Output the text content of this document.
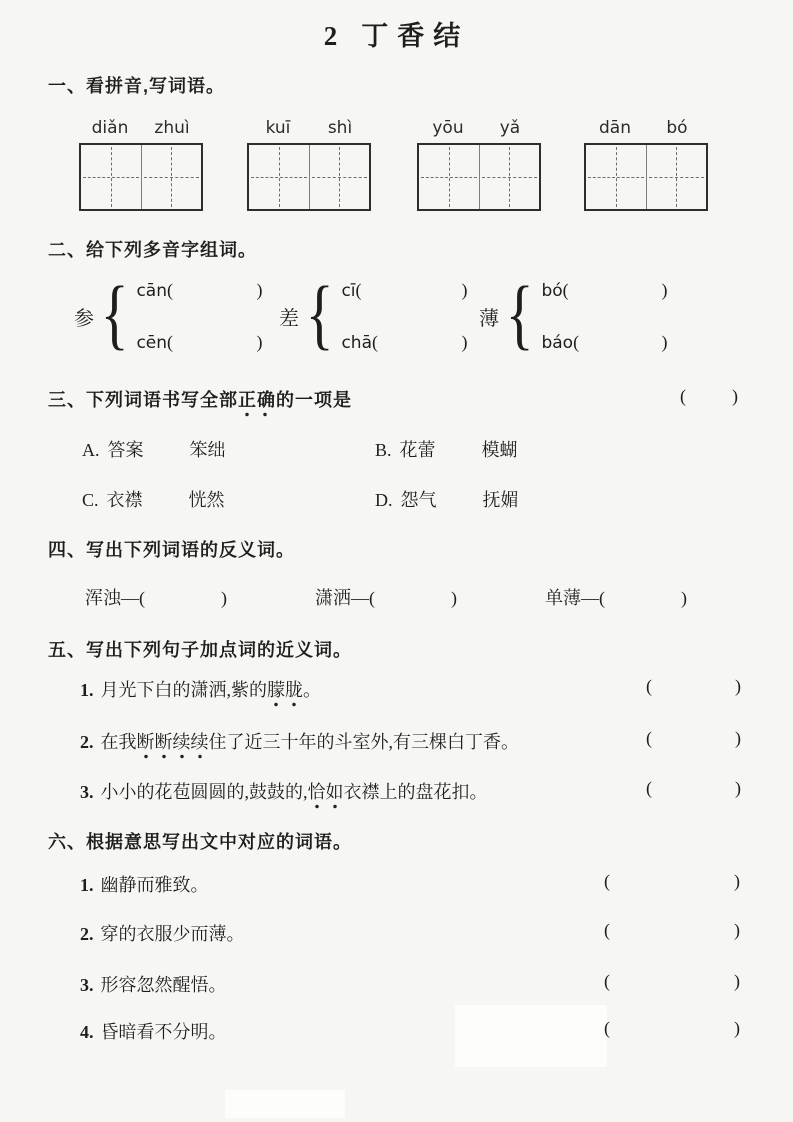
2 丁香结
一、看拼音,写词语。
diǎn	zhuì	kuī	shì	yōu	yǎ	dān	bó
二、给下列多音字组词。
参 { cān (	)
cēn (	)
差 { cī (	)
chā (	)
薄 { bó (	)
báo (	)
三、下列词语书写全部正确的一项是	(	)
A. 答案	笨绌	B. 花蕾	模蝴
C. 衣襟	恍然	D. 怨气	抚媚
四、写出下列词语的反义词。
浑浊 — (	)	潇洒 — (	)	单薄 — (	)
五、写出下列句子加点词的近义词。
1. 月光下白的潇洒,紫的朦胧。	(	)
2. 在我断断续续住了近三十年的斗室外,有三棵白丁香。	(	)
3. 小小的花苞圆圆的,鼓鼓的,恰如衣襟上的盘花扣。	(	)
六、根据意思写出文中对应的词语。
1. 幽静而雅致。	(	)
2. 穿的衣服少而薄。	(	)
3. 形容忽然醒悟。	(	)
4. 昏暗看不分明。	(	)
